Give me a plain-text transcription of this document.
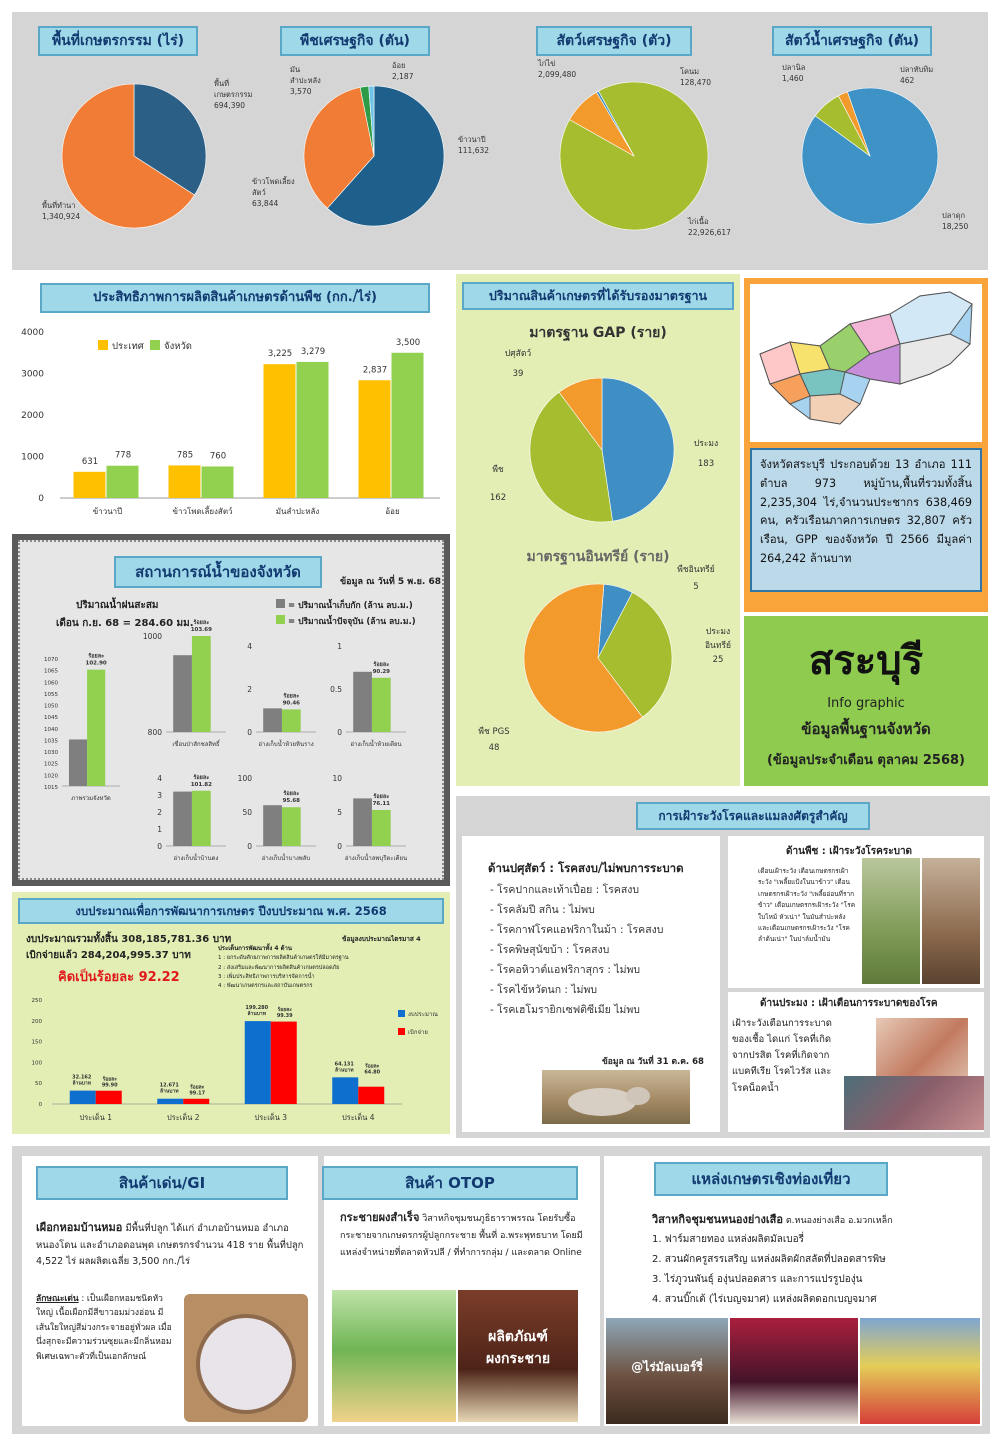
พื้นที่เกษตรกรรม (ไร่)	พืชเศรษฐกิจ (ตัน)	สัตว์เศรษฐกิจ (ตัว)	สัตว์น้ำเศรษฐกิจ (ตัน)
พื้นที่เกษตรกรรม 694,390
พื้นที่ทำนา 1,340,924
ข้าวนาปี 111,632
ข้าวโพดเลี้ยงสัตว์ 63,844
มันสำปะหลัง 3,570
อ้อย 2,187
ไก่ไข่ 2,099,480	โคนม 128,470
ไก่เนื้อ 22,926,617
ปลานิล 1,460
ปลาทับทิม 462
ปลาดุก 18,250
ประสิทธิภาพการผลิตสินค้าเกษตรด้านพืช (กก./ไร่)
0
1000
2000
3000
4000
631
778
ข้าวนาปี
785 760
ข้าวโพดเลี้ยงสัตว์
3,225 3,279
มันสำปะหลัง
2,837
3,500
อ้อย
ประเทศ จังหวัด
ปริมาณสินค้าเกษตรที่ได้รับรองมาตรฐาน
มาตรฐาน GAP (ราย)
มาตรฐานอินทรีย์ (ราย)
ประมง 183
พืช 162
ปศุสัตว์ 39
พืชอินทรีย์ 5
ประมงอินทรีย์ 25
พืช PGS 48
จังหวัดสระบุรี ประกอบด้วย 13 อำเภอ 111 ตำบล 973 หมู่บ้าน,พื้นที่รวมทั้งสิ้น 2,235,304 ไร่,จำนวนประชากร 638,469 คน, ครัวเรือนภาคการเกษตร 32,807 ครัวเรือน, GPP ของจังหวัด ปี 2566 มีมูลค่า 264,242 ล้านบาท
สระบุรี
Info graphic
ข้อมูลพื้นฐานจังหวัด
(ข้อมูลประจำเดือน ตุลาคม 2568)
สถานการณ์น้ำของจังหวัด
ข้อมูล ณ วันที่ 5 พ.ย. 68
ปริมาณน้ำฝนสะสม
เดือน ก.ย. 68 = 284.60 มม.
= ปริมาณน้ำเก็บกัก (ล้าน ลบ.ม.)
= ปริมาณน้ำปัจจุบัน (ล้าน ลบ.ม.)
1070
1065
1060
1055
1050
1045
1040
1035
1030
1025
1020
1015
ร้อยละ 102.90
ภาพรวมจังหวัด
1000
800
ร้อยละ 103.69
เขื่อนป่าสักชลสิทธิ์
4
2
0
ร้อยละ 90.46
อ่างเก็บน้ำห้วยหินราง
1
0.5
0
ร้อยละ 90.29
อ่างเก็บน้ำห้วยเตียน
4
3
2
1
0
ร้อยละ 101.82
อ่างเก็บน้ำบ้านดง
100
50
0
ร้อยละ 95.68
อ่างเก็บน้ำบางพลับ
10
5
0
ร้อยละ 76.11
อ่างเก็บน้ำลพบุรีตะเคียน
งบประมาณเพื่อการพัฒนาการเกษตร ปีงบประมาณ พ.ศ. 2568
งบประมาณรวมทั้งสิ้น 308,185,781.36 บาท
เบิกจ่ายแล้ว 284,204,995.37 บาท
คิดเป็นร้อยละ 92.22
ข้อมูลงบประมาณไตรมาส 4
ประเด็นการพัฒนาทั้ง 4 ด้าน
1 : ยกระดับศักยภาพการผลิตสินค้าเกษตรให้มีมาตรฐาน
2 : ส่งเสริมและพัฒนาการผลิตสินค้าเกษตรปลอดภัย
3 : เพิ่มประสิทธิภาพการบริหารจัดการน้ำ
4 : พัฒนาเกษตรกรและสถาบันเกษตรกร
250
200
150
100
50
0
32.162 ล้านบาท
ร้อยละ 99.90
ประเด็น 1
12.671 ล้านบาท
ร้อยละ 99.17
ประเด็น 2
199.280 ล้านบาท
ร้อยละ 99.39
ประเด็น 3
64.131 ล้านบาท
ร้อยละ 64.80
ประเด็น 4
งบประมาณ
เบิกจ่าย
การเฝ้าระวังโรคและแมลงศัตรูสำคัญ
ด้านปศุสัตว์ : โรคสงบ/ไม่พบการระบาด
- โรคปากและเท้าเปื่อย : โรคสงบ
- โรคลัมปี สกิน : ไม่พบ
- โรคกาฬโรคแอฟริกาในม้า : โรคสงบ
- โรคพิษสุนัขบ้า : โรคสงบ
- โรคอหิวาต์แอฟริกาสุกร : ไม่พบ
- โรคไข้หวัดนก : ไม่พบ
- โรคเฮโมรายิกเซฟติซีเมีย ไม่พบ
ข้อมูล ณ วันที่ 31 ต.ค. 68
ด้านพืช : เฝ้าระวังโรคระบาด
เดือนเฝ้าระวัง เตือนเกษตรกรเฝ้าระวัง "เพลี้ยแป้งในนาข้าว" เตือนเกษตรกรเฝ้าระวัง "เพลี้ยอ่อนที่รากข้าว" เตือนเกษตรกรเฝ้าระวัง "โรคใบไหม้ หัวเน่า" ในมันสำปะหลัง และเตือนเกษตรกรเฝ้าระวัง "โรคลำต้นเน่า" ในปาล์มน้ำมัน
ด้านประมง : เฝ้าเตือนการระบาดของโรค
เฝ้าระวังเตือนการระบาดของเชื้อ ไดแก่ โรคที่เกิดจากปรสิต โรคที่เกิดจากแบคทีเรีย โรคไวรัส และโรคน็อคน้ำ
สินค้าเด่น/GI
เผือกหอมบ้านหมอ มีพื้นที่ปลูก ได้แก่ อำเภอบ้านหมอ อำเภอหนองโดน และอำเภอดอนพุด เกษตรกรจำนวน 418 ราย พื้นที่ปลูก 4,522 ไร่ ผลผลิตเฉลี่ย 3,500 กก./ไร่
ลักษณะเด่น : เป็นเผือกหอมชนิดหัวใหญ่ เนื้อเผือกมีสีขาวอมม่วงอ่อน มีเส้นใยใหญ่สีม่วงกระจายอยู่ทั่วผล เมื่อนึ่งสุกจะมีความร่วนซุยและมีกลิ่นหอมพิเศษเฉพาะตัวที่เป็นเอกลักษณ์
สินค้า OTOP
กระชายผงสำเร็จ วิสาหกิจชุมชนภูธิธาราพรรณ โดยรับซื้อกระชายจากเกษตรกรผู้ปลูกกระชาย พื้นที่ อ.พระพุทธบาท โดยมีแหล่งจำหน่ายที่ตลาดหัวปลี / ที่ทำการกลุ่ม / และตลาด Online
ผลิตภัณฑ์
ผงกระชาย
แหล่งเกษตรเชิงท่องเที่ยว
วิสาหกิจชุมชนหนองย่างเสือ ต.หนองย่างเสือ อ.มวกเหล็ก
1. ฟาร์มสายทอง แหล่งผลิตมัลเบอรี่
2. สวนผักครูสรรเสริญ แหล่งผลิตผักสลัดที่ปลอดสารพิษ
3. ไร่ภูวนพันธุ์ องุ่นปลอดสาร และการแปรรูปองุ่น
4. สวนบิ๊กเต้ (ไร่เบญจมาศ) แหล่งผลิตดอกเบญจมาศ
@ไร่มัลเบอร์รี่
